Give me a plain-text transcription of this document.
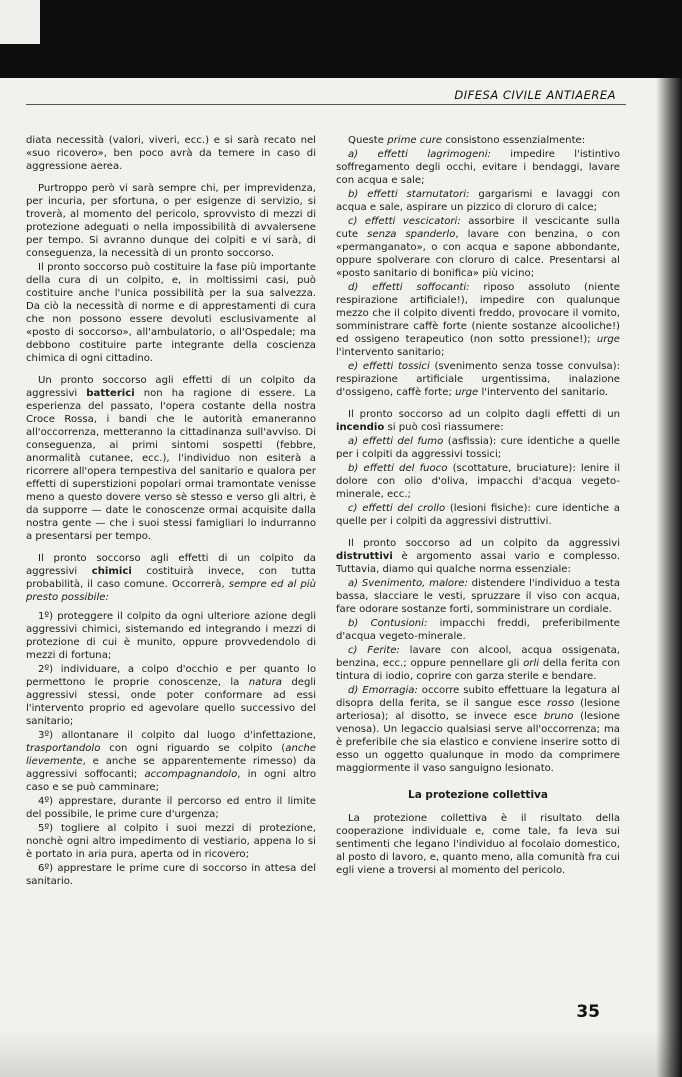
DIFESA CIVILE ANTIAEREA

diata necessità (valori, viveri, ecc.) e si sarà recato nel «suo ricovero», ben poco avrà da temere in caso di aggressione aerea.

Purtroppo però vi sarà sempre chi, per imprevidenza, per incuria, per sfortuna, o per esigenze di servizio, si troverà, al momento del pericolo, sprovvisto di mezzi di protezione adeguati o nella impossibilità di avvalersene per tempo. Si avranno dunque dei colpiti e vi sarà, di conseguenza, la necessità di un pronto soccorso.

Il pronto soccorso può costituire la fase più importante della cura di un colpito, e, in moltissimi casi, può costituire anche l'unica possibilità per la sua salvezza. Da ciò la necessità di norme e di apprestamenti di cura che non possono essere devoluti esclusivamente al «posto di soccorso», all'ambulatorio, o all'Ospedale; ma debbono costituire parte integrante della coscienza chimica di ogni cittadino.

Un pronto soccorso agli effetti di un colpito da aggressivi batterici non ha ragione di essere. La esperienza del passato, l'opera costante della nostra Croce Rossa, i bandi che le autorità emaneranno all'occorrenza, metteranno la cittadinanza sull'avviso. Di conseguenza, ai primi sintomi sospetti (febbre, anormalità cutanee, ecc.), l'individuo non esiterà a ricorrere all'opera tempestiva del sanitario e qualora per effetti di superstizioni popolari ormai tramontate venisse meno a questo dovere verso sè stesso e verso gli altri, è da supporre — date le conoscenze ormai acquisite dalla nostra gente — che i suoi stessi famigliari lo indurranno a presentarsi per tempo.

Il pronto soccorso agli effetti di un colpito da aggressivi chimici costituirà invece, con tutta probabilità, il caso comune. Occorrerà, sempre ed al più presto possibile:

1º) proteggere il colpito da ogni ulteriore azione degli aggressivi chimici, sistemando ed integrando i mezzi di protezione di cui è munito, oppure provvedendolo di mezzi di fortuna;

2º) individuare, a colpo d'occhio e per quanto lo permettono le proprie conoscenze, la natura degli aggressivi stessi, onde poter conformare ad essi l'intervento proprio ed agevolare quello successivo del sanitario;

3º) allontanare il colpito dal luogo d'infettazione, trasportandolo con ogni riguardo se colpito (anche lievemente, e anche se apparentemente rimesso) da aggressivi soffocanti; accompagnandolo, in ogni altro caso e se può camminare;

4º) apprestare, durante il percorso ed entro il limite del possibile, le prime cure d'urgenza;

5º) togliere al colpito i suoi mezzi di protezione, nonchè ogni altro impedimento di vestiario, appena lo si è portato in aria pura, aperta od in ricovero;

6º) apprestare le prime cure di soccorso in attesa del sanitario.

Queste prime cure consistono essenzialmente:

a) effetti lagrimogeni: impedire l'istintivo soffregamento degli occhi, evitare i bendaggi, lavare con acqua e sale;

b) effetti starnutatori: gargarismi e lavaggi con acqua e sale, aspirare un pizzico di cloruro di calce;

c) effetti vescicatori: assorbire il vescicante sulla cute senza spanderlo, lavare con benzina, o con «permanganato», o con acqua e sapone abbondante, oppure spolverare con cloruro di calce. Presentarsi al «posto sanitario di bonifica» più vicino;

d) effetti soffocanti: riposo assoluto (niente respirazione artificiale!), impedire con qualunque mezzo che il colpito diventi freddo, provocare il vomito, somministrare caffè forte (niente sostanze alcooliche!) ed ossigeno terapeutico (non sotto pressione!); urge l'intervento sanitario;

e) effetti tossici (svenimento senza tosse convulsa): respirazione artificiale urgentissima, inalazione d'ossigeno, caffè forte; urge l'intervento del sanitario.

Il pronto soccorso ad un colpito dagli effetti di un incendio si può così riassumere:

a) effetti del fumo (asfissia): cure identiche a quelle per i colpiti da aggressivi tossici;

b) effetti del fuoco (scottature, bruciature): lenire il dolore con olio d'oliva, impacchi d'acqua vegeto-minerale, ecc.;

c) effetti del crollo (lesioni fisiche): cure identiche a quelle per i colpiti da aggressivi distruttivi.

Il pronto soccorso ad un colpito da aggressivi distruttivi è argomento assai vario e complesso. Tuttavia, diamo qui qualche norma essenziale:

a) Svenimento, malore: distendere l'individuo a testa bassa, slacciare le vesti, spruzzare il viso con acqua, fare odorare sostanze forti, somministrare un cordiale.

b) Contusioni: impacchi freddi, preferibilmente d'acqua vegeto-minerale.

c) Ferite: lavare con alcool, acqua ossigenata, benzina, ecc.; oppure pennellare gli orli della ferita con tintura di iodio, coprire con garza sterile e bendare.

d) Emorragia: occorre subito effettuare la legatura al disopra della ferita, se il sangue esce rosso (lesione arteriosa); al disotto, se invece esce bruno (lesione venosa). Un legaccio qualsiasi serve all'occorrenza; ma è preferibile che sia elastico e conviene inserire sotto di esso un oggetto qualunque in modo da comprimere maggiormente il vaso sanguigno lesionato.

La protezione collettiva

La protezione collettiva è il risultato della cooperazione individuale e, come tale, fa leva sui sentimenti che legano l'individuo al focolaio domestico, al posto di lavoro, e, quanto meno, alla comunità fra cui egli viene a troversi al momento del pericolo.

35
